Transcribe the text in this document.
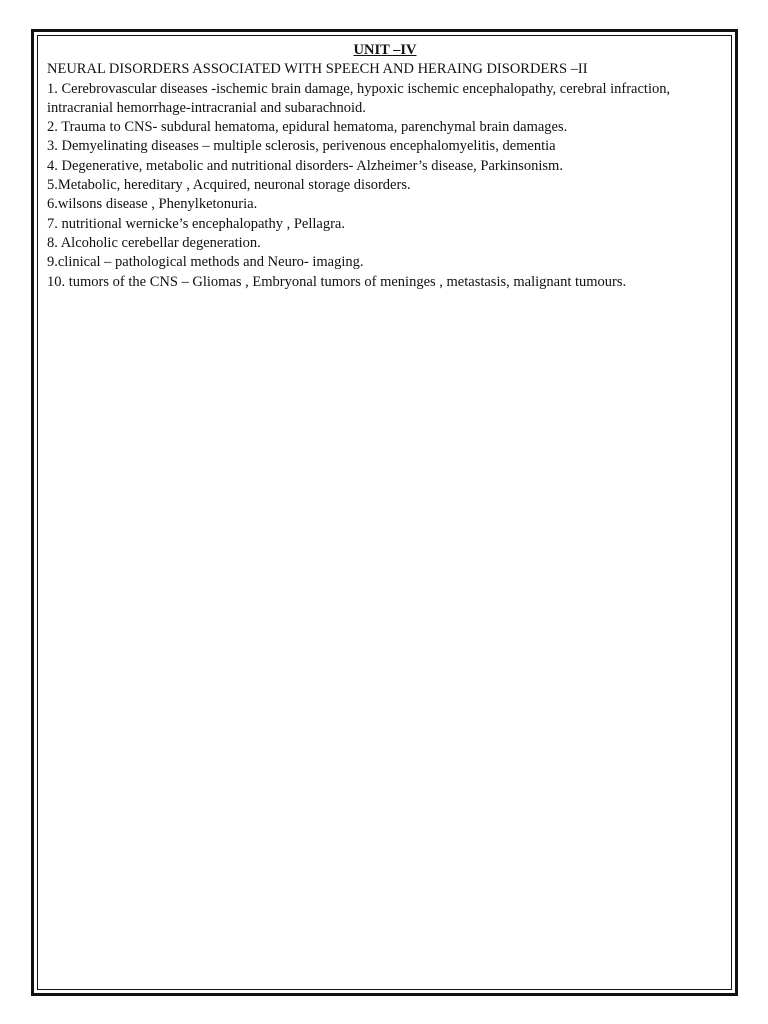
UNIT –IV

NEURAL DISORDERS ASSOCIATED WITH SPEECH AND HERAING DISORDERS –II

1. Cerebrovascular diseases -ischemic brain damage, hypoxic ischemic encephalopathy, cerebral infraction, intracranial hemorrhage-intracranial and subarachnoid.

2. Trauma to CNS- subdural hematoma, epidural hematoma, parenchymal brain damages.

3. Demyelinating diseases – multiple sclerosis, perivenous encephalomyelitis, dementia

4. Degenerative, metabolic and nutritional disorders- Alzheimer’s disease, Parkinsonism.

5.Metabolic, hereditary , Acquired, neuronal storage disorders.

6.wilsons disease , Phenylketonuria.

7. nutritional wernicke’s encephalopathy , Pellagra.

8. Alcoholic cerebellar degeneration.

9.clinical – pathological methods and Neuro- imaging.

10. tumors of the CNS – Gliomas , Embryonal tumors of meninges , metastasis, malignant tumours.
